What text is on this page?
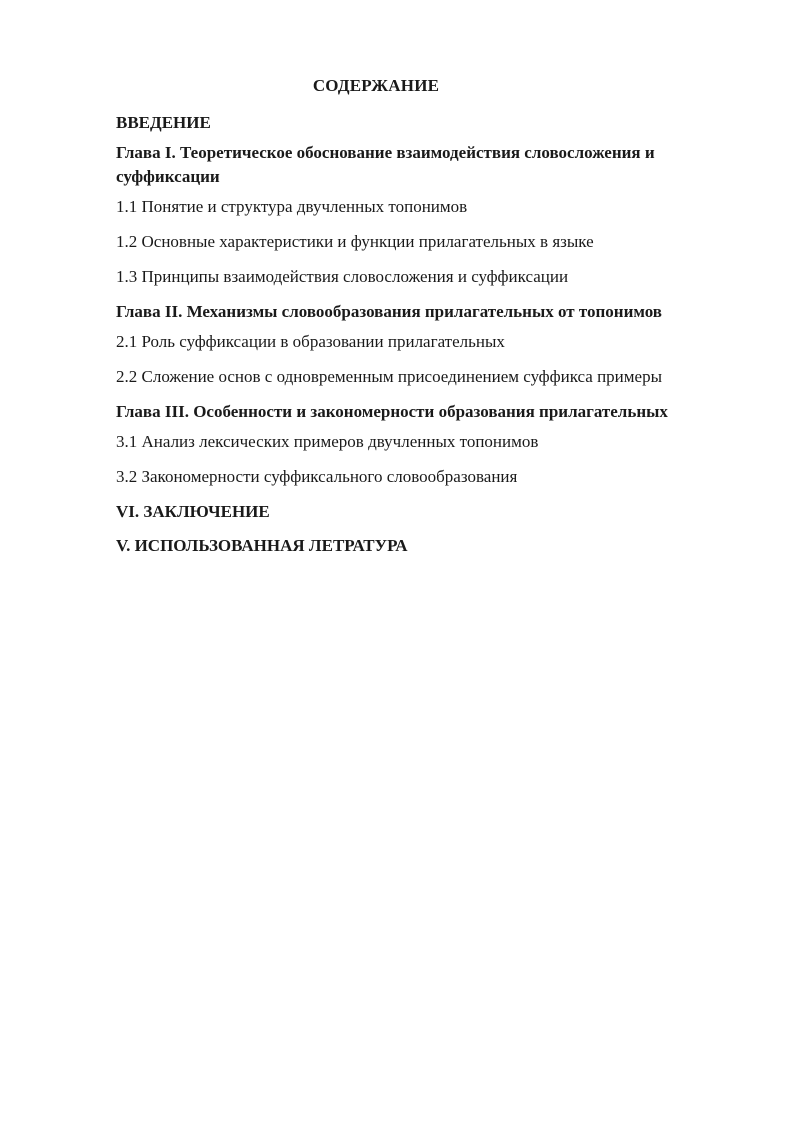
СОДЕРЖАНИЕ
ВВЕДЕНИЕ
Глава I. Теоретическое обоснование взаимодействия словосложения и суффиксации
1.1 Понятие и структура двучленных топонимов
1.2 Основные характеристики и функции прилагательных в языке
1.3 Принципы взаимодействия словосложения и суффиксации
Глава II. Механизмы словообразования прилагательных от топонимов
2.1 Роль суффиксации в образовании прилагательных
2.2 Сложение основ с одновременным присоединением суффикса примеры
Глава III. Особенности и закономерности образования прилагательных
3.1 Анализ лексических примеров двучленных топонимов
3.2 Закономерности суффиксального словообразования
VI. ЗАКЛЮЧЕНИЕ
V. ИСПОЛЬЗОВАННАЯ ЛЕТРАТУРА
